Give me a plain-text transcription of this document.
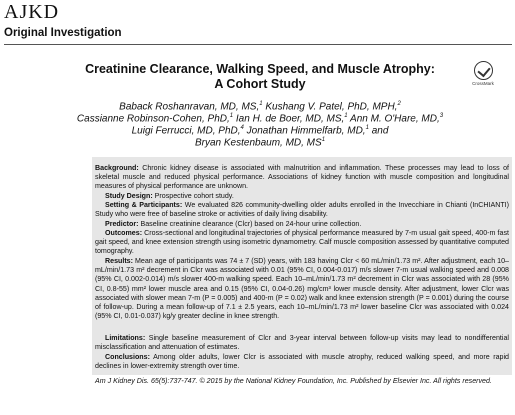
AJKD
Original Investigation
Creatinine Clearance, Walking Speed, and Muscle Atrophy:
A Cohort Study	CrossMark
Baback Roshanravan, MD, MS,$^1$ Kushang V. Patel, PhD, MPH,$^2$
Cassianne Robinson-Cohen, PhD,$^1$ Ian H. de Boer, MD, MS,$^1$ Ann M. O'Hare, MD,$^3$
Luigi Ferrucci, MD, PhD,$^4$ Jonathan Himmelfarb, MD,$^1$ and
Bryan Kestenbaum, MD, $MS^1$
Background: Chronic kidney disease is associated with malnutrition and inflammation. These processes may lead to loss of skeletal muscle and reduced physical performance. Associations of kidney function with muscle composition and longitudinal measures of physical performance are unknown.
Study Design: Prospective cohort study.
Setting & Participants: We evaluated 826 community-dwelling older adults enrolled in the Invecchiare in Chianti (InCHIANTI) Study who were free of baseline stroke or activities of daily living disability.
Predictor: Baseline creatinine clearance (Clcr) based on 24-hour urine collection.
Outcomes: Cross-sectional and longitudinal trajectories of physical performance measured by 7-m usual gait speed, 400-m fast gait speed, and knee extension strength using isometric dynamometry. Calf muscle composition assessed by quantitative computed tomography.
Results: Mean age of participants was 74 ± 7 (SD) years, with 183 having Clcr < 60 mL/min/1.73 m². After adjustment, each 10–mL/min/1.73 m² decrement in Clcr was associated with 0.01 (95% CI, 0.004-0.017) m/s slower 7-m usual walking speed and 0.008 (95% CI, 0.002-0.014) m/s slower 400-m walking speed. Each 10–mL/min/1.73 m² decrement in Clcr was associated with 28 (95% CI, 0.8-55) mm² lower muscle area and 0.15 (95% CI, 0.04-0.26) mg/cm³ lower muscle density. After adjustment, lower Clcr was associated with slower mean 7-m (P = 0.005) and 400-m (P = 0.02) walk and knee extension strength (P = 0.001) during the course of follow-up. During a mean follow-up of 7.1 ± 2.5 years, each 10–mL/min/1.73 m² lower baseline Clcr was associated with 0.024 (95% CI, 0.01-0.037) kg/y greater decline in knee strength.
Limitations: Single baseline measurement of Clcr and 3-year interval between follow-up visits may lead to nondifferential misclassification and attenuation of estimates.
Conclusions: Among older adults, lower Clcr is associated with muscle atrophy, reduced walking speed, and more rapid declines in lower-extremity strength over time.
Am J Kidney Dis. 65(5):737-747. © 2015 by the National Kidney Foundation, Inc. Published by Elsevier Inc. All rights reserved.
